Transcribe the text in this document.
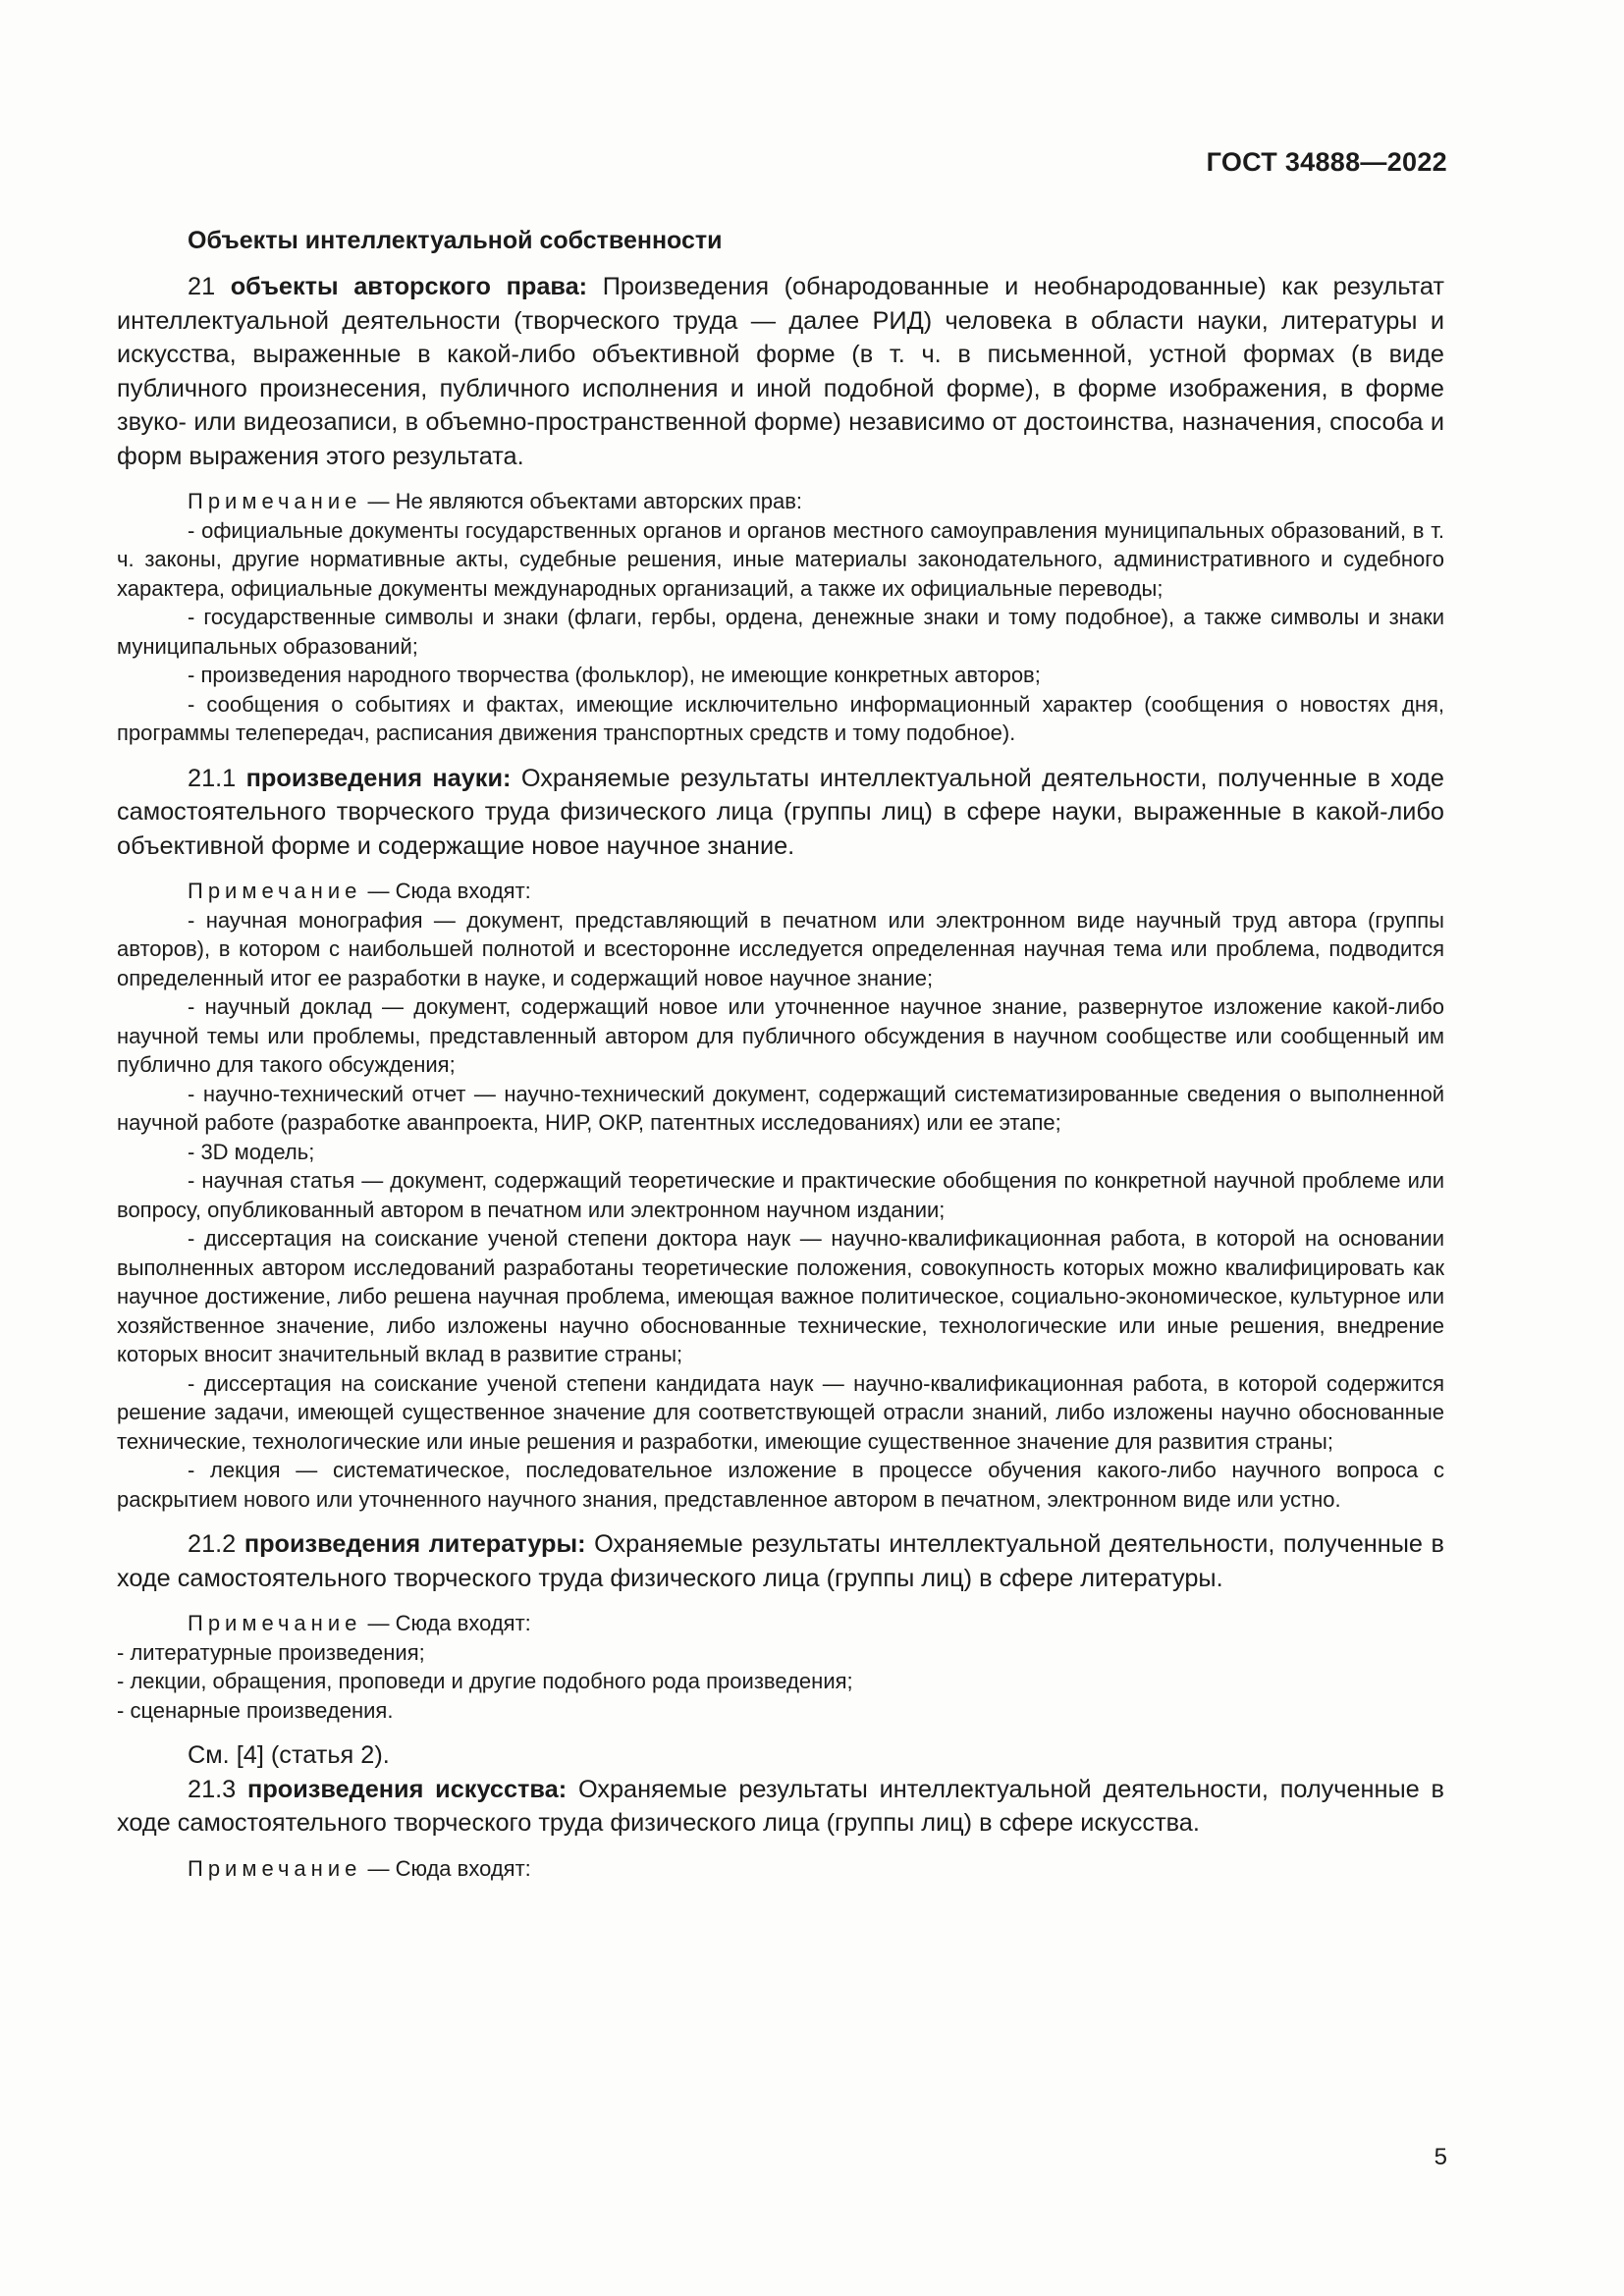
ГОСТ 34888—2022
Объекты интеллектуальной собственности

21 объекты авторского права: Произведения (обнародованные и необнародованные) как результат интеллектуальной деятельности (творческого труда — далее РИД) человека в области науки, литературы и искусства, выраженные в какой-либо объективной форме (в т. ч. в письменной, устной формах (в виде публичного произнесения, публичного исполнения и иной подобной форме), в форме изображения, в форме звуко- или видеозаписи, в объемно-пространственной форме) независимо от достоинства, назначения, способа и форм выражения этого результата.

Примечание — Не являются объектами авторских прав:
- официальные документы государственных органов и органов местного самоуправления муниципальных образований, в т. ч. законы, другие нормативные акты, судебные решения, иные материалы законодательного, административного и судебного характера, официальные документы международных организаций, а также их официальные переводы;
- государственные символы и знаки (флаги, гербы, ордена, денежные знаки и тому подобное), а также символы и знаки муниципальных образований;
- произведения народного творчества (фольклор), не имеющие конкретных авторов;
- сообщения о событиях и фактах, имеющие исключительно информационный характер (сообщения о новостях дня, программы телепередач, расписания движения транспортных средств и тому подобное).

21.1 произведения науки: Охраняемые результаты интеллектуальной деятельности, полученные в ходе самостоятельного творческого труда физического лица (группы лиц) в сфере науки, выраженные в какой-либо объективной форме и содержащие новое научное знание.

Примечание — Сюда входят:
- научная монография — документ, представляющий в печатном или электронном виде научный труд автора (группы авторов), в котором с наибольшей полнотой и всесторонне исследуется определенная научная тема или проблема, подводится определенный итог ее разработки в науке, и содержащий новое научное знание;
- научный доклад — документ, содержащий новое или уточненное научное знание, развернутое изложение какой-либо научной темы или проблемы, представленный автором для публичного обсуждения в научном сообществе или сообщенный им публично для такого обсуждения;
- научно-технический отчет — научно-технический документ, содержащий систематизированные сведения о выполненной научной работе (разработке аванпроекта, НИР, ОКР, патентных исследованиях) или ее этапе;
- 3D модель;
- научная статья — документ, содержащий теоретические и практические обобщения по конкретной научной проблеме или вопросу, опубликованный автором в печатном или электронном научном издании;
- диссертация на соискание ученой степени доктора наук — научно-квалификационная работа, в которой на основании выполненных автором исследований разработаны теоретические положения, совокупность которых можно квалифицировать как научное достижение, либо решена научная проблема, имеющая важное политическое, социально-экономическое, культурное или хозяйственное значение, либо изложены научно обоснованные технические, технологические или иные решения, внедрение которых вносит значительный вклад в развитие страны;
- диссертация на соискание ученой степени кандидата наук — научно-квалификационная работа, в которой содержится решение задачи, имеющей существенное значение для соответствующей отрасли знаний, либо изложены научно обоснованные технические, технологические или иные решения и разработки, имеющие существенное значение для развития страны;
- лекция — систематическое, последовательное изложение в процессе обучения какого-либо научного вопроса с раскрытием нового или уточненного научного знания, представленное автором в печатном, электронном виде или устно.

21.2 произведения литературы: Охраняемые результаты интеллектуальной деятельности, полученные в ходе самостоятельного творческого труда физического лица (группы лиц) в сфере литературы.

Примечание — Сюда входят:
- литературные произведения;
- лекции, обращения, проповеди и другие подобного рода произведения;
- сценарные произведения.
См. [4] (статья 2).

21.3 произведения искусства: Охраняемые результаты интеллектуальной деятельности, полученные в ходе самостоятельного творческого труда физического лица (группы лиц) в сфере искусства.

Примечание — Сюда входят:
5
